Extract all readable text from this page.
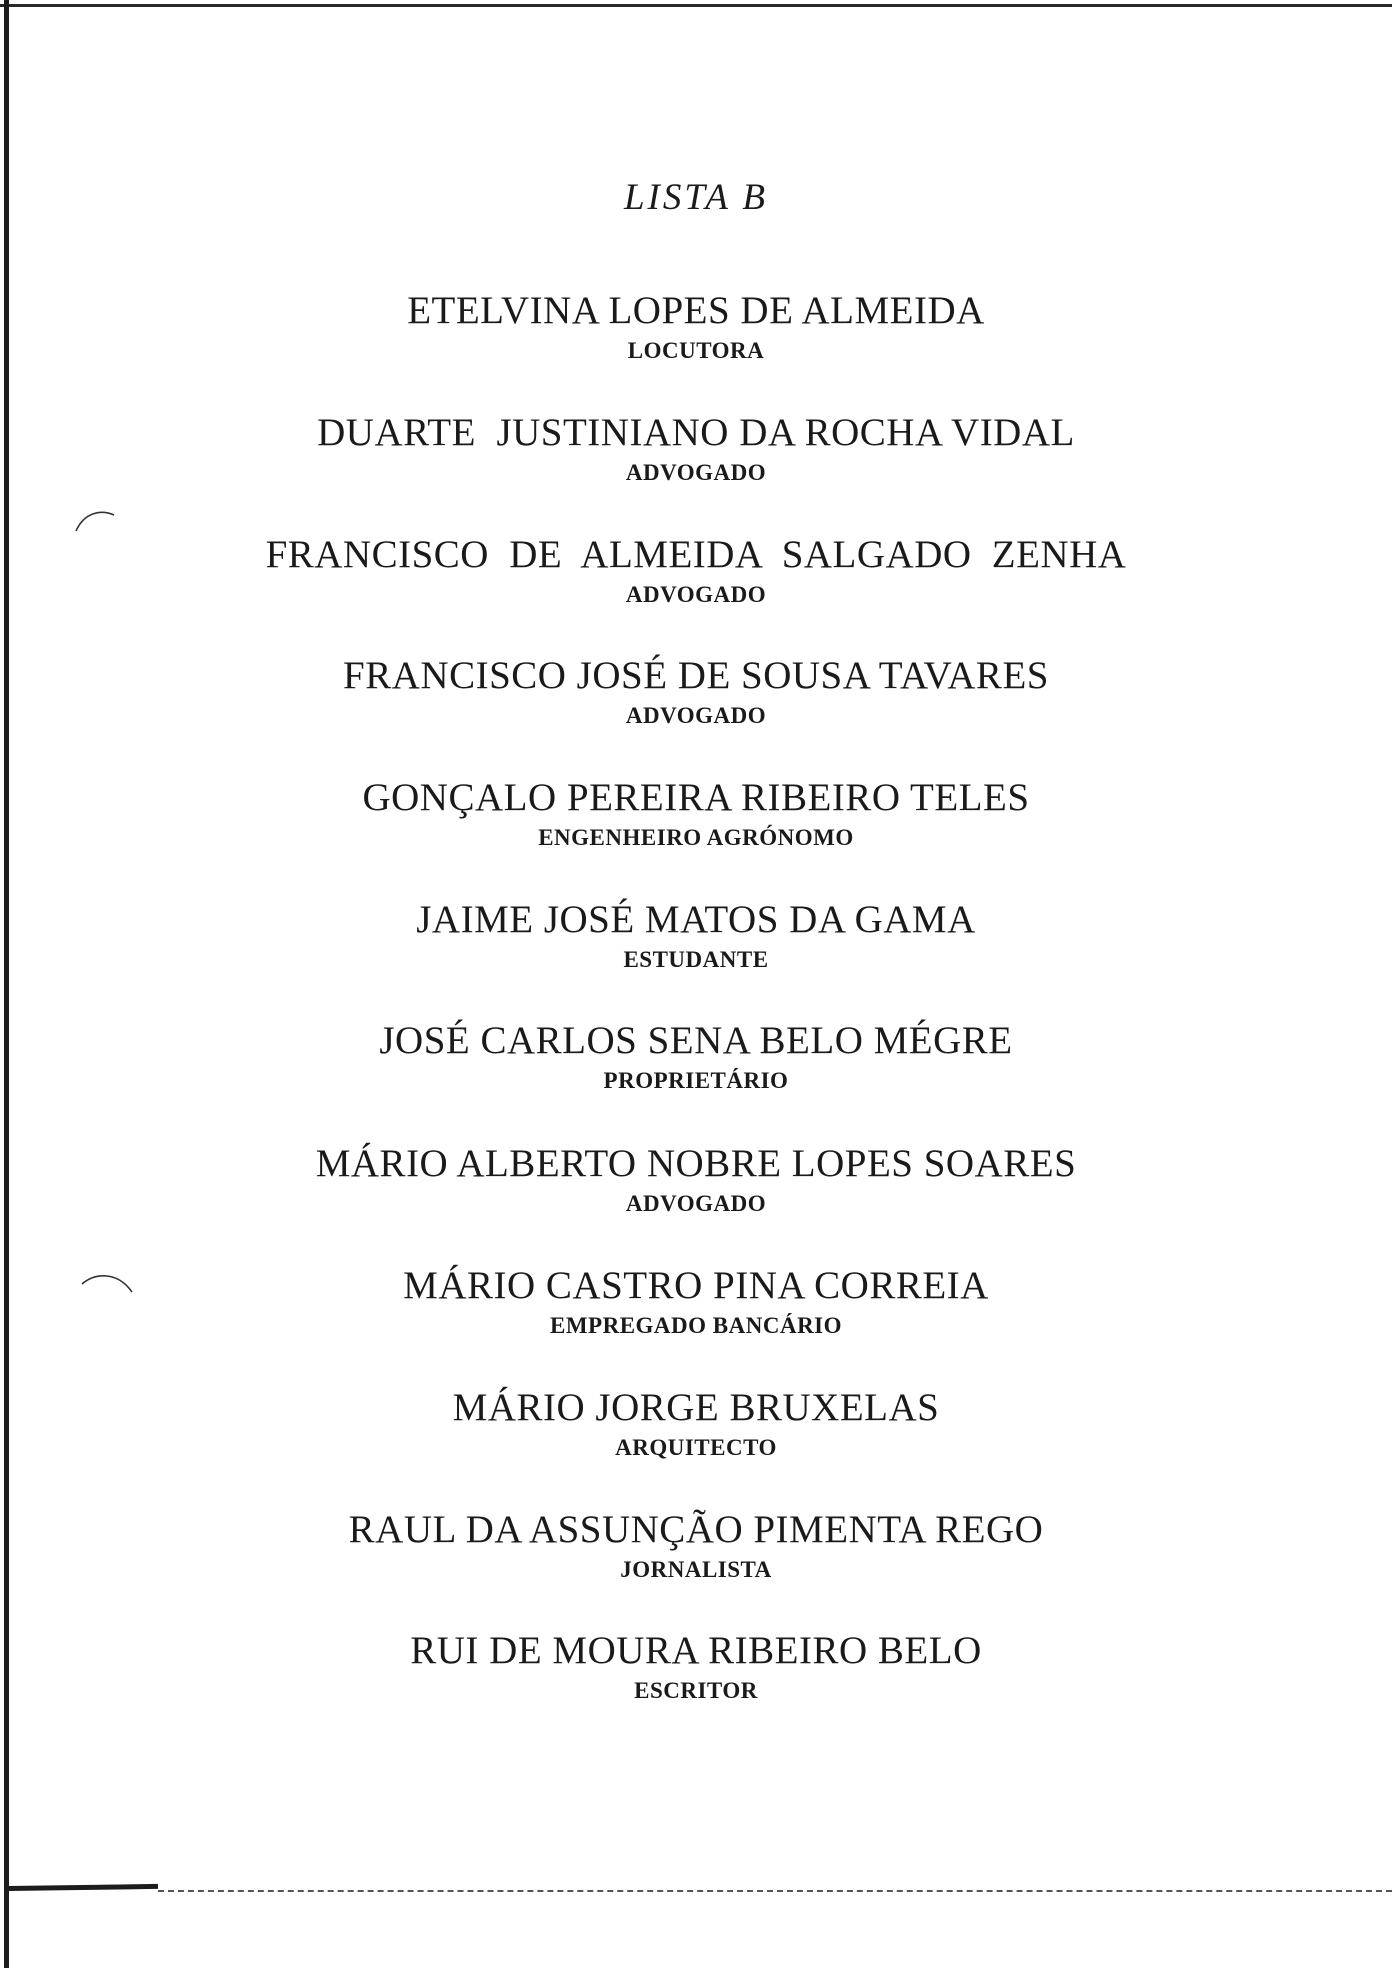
LISTA B
ETELVINA LOPES DE ALMEIDA
LOCUTORA
DUARTE  JUSTINIANO DA ROCHA VIDAL
ADVOGADO
FRANCISCO DE ALMEIDA SALGADO ZENHA
ADVOGADO
FRANCISCO JOSÉ DE SOUSA TAVARES
ADVOGADO
GONÇALO PEREIRA RIBEIRO TELES
ENGENHEIRO AGRÓNOMO
JAIME JOSÉ MATOS DA GAMA
ESTUDANTE
JOSÉ CARLOS SENA BELO MÉGRE
PROPRIETÁRIO
MÁRIO ALBERTO NOBRE LOPES SOARES
ADVOGADO
MÁRIO CASTRO PINA CORREIA
EMPREGADO BANCÁRIO
MÁRIO JORGE BRUXELAS
ARQUITECTO
RAUL DA ASSUNÇÃO PIMENTA REGO
JORNALISTA
RUI DE MOURA RIBEIRO BELO
ESCRITOR
